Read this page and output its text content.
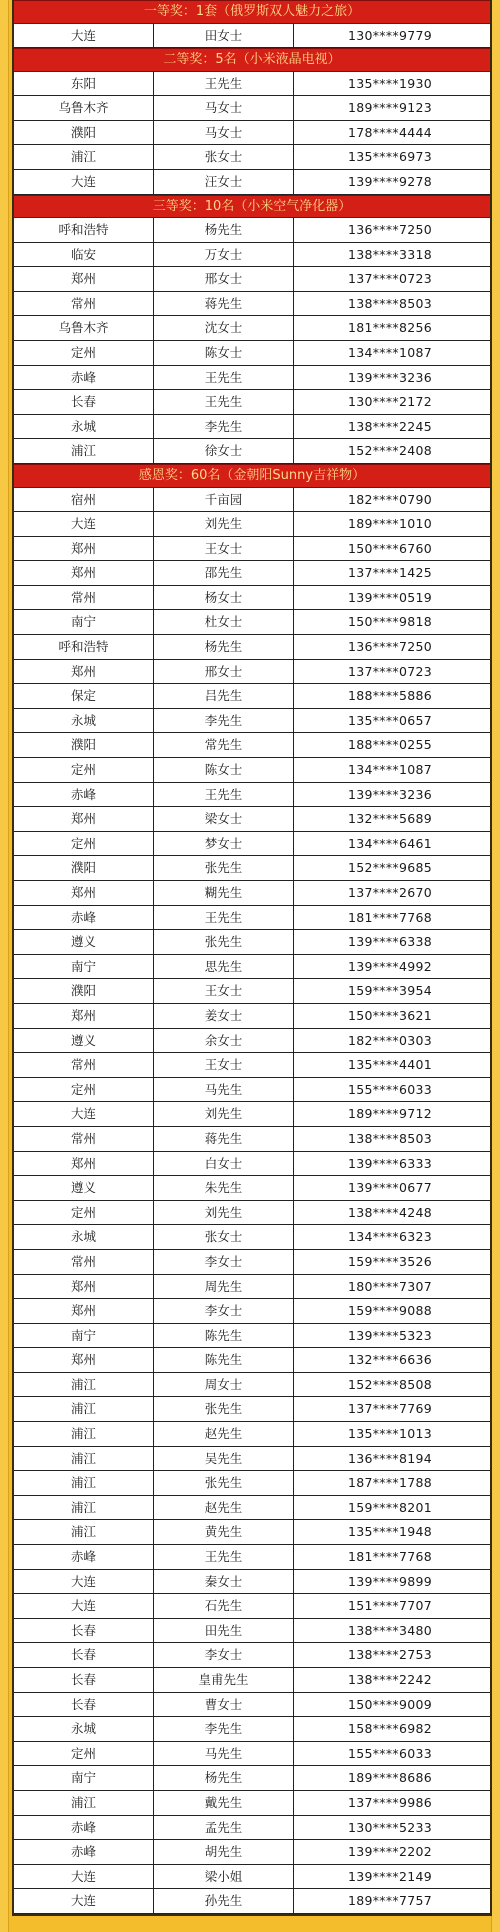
一等奖：1套（俄罗斯双人魅力之旅）
大连	田女士	130****9779
二等奖：5名（小米液晶电视）
东阳	王先生	135****1930
乌鲁木齐	马女士	189****9123
濮阳	马女士	178****4444
浦江	张女士	135****6973
大连	汪女士	139****9278
三等奖：10名（小米空气净化器）
呼和浩特	杨先生	136****7250
临安	万女士	138****3318
郑州	邢女士	137****0723
常州	蒋先生	138****8503
乌鲁木齐	沈女士	181****8256
定州	陈女士	134****1087
赤峰	王先生	139****3236
长春	王先生	130****2172
永城	李先生	138****2245
浦江	徐女士	152****2408
感恩奖：60名（金朝阳Sunny吉祥物）
宿州	千亩园	182****0790
大连	刘先生	189****1010
郑州	王女士	150****6760
郑州	邵先生	137****1425
常州	杨女士	139****0519
南宁	杜女士	150****9818
呼和浩特	杨先生	136****7250
郑州	邢女士	137****0723
保定	吕先生	188****5886
永城	李先生	135****0657
濮阳	常先生	188****0255
定州	陈女士	134****1087
赤峰	王先生	139****3236
郑州	梁女士	132****5689
定州	梦女士	134****6461
濮阳	张先生	152****9685
郑州	糊先生	137****2670
赤峰	王先生	181****7768
遵义	张先生	139****6338
南宁	思先生	139****4992
濮阳	王女士	159****3954
郑州	姜女士	150****3621
遵义	余女士	182****0303
常州	王女士	135****4401
定州	马先生	155****6033
大连	刘先生	189****9712
常州	蒋先生	138****8503
郑州	白女士	139****6333
遵义	朱先生	139****0677
定州	刘先生	138****4248
永城	张女士	134****6323
常州	李女士	159****3526
郑州	周先生	180****7307
郑州	李女士	159****9088
南宁	陈先生	139****5323
郑州	陈先生	132****6636
浦江	周女士	152****8508
浦江	张先生	137****7769
浦江	赵先生	135****1013
浦江	吴先生	136****8194
浦江	张先生	187****1788
浦江	赵先生	159****8201
浦江	黄先生	135****1948
赤峰	王先生	181****7768
大连	秦女士	139****9899
大连	石先生	151****7707
长春	田先生	138****3480
长春	李女士	138****2753
长春	皇甫先生	138****2242
长春	曹女士	150****9009
永城	李先生	158****6982
定州	马先生	155****6033
南宁	杨先生	189****8686
浦江	戴先生	137****9986
赤峰	孟先生	130****5233
赤峰	胡先生	139****2202
大连	梁小姐	139****2149
大连	孙先生	189****7757
